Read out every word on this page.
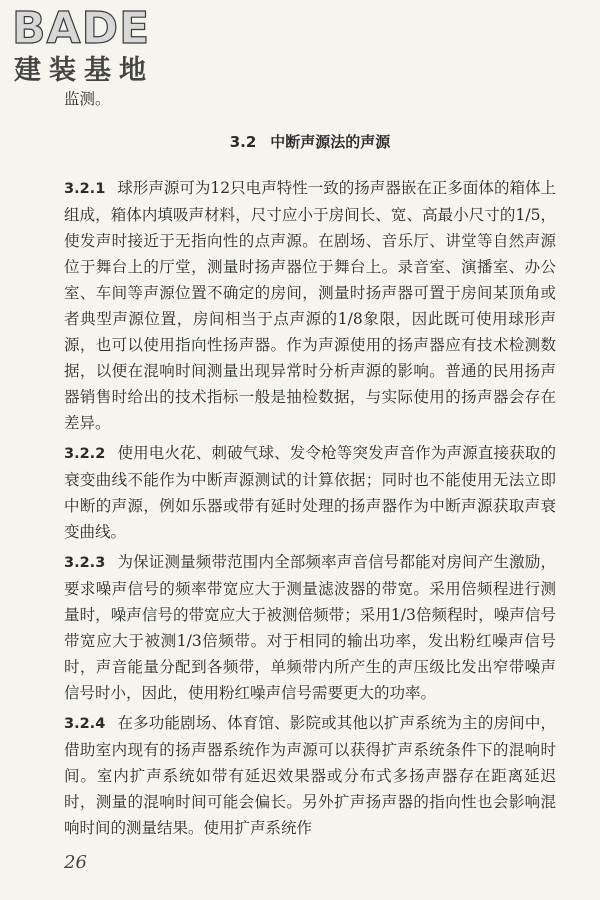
BADE
建装基地

监测。

3.2 中断声源法的声源

3.2.1 球形声源可为12只电声特性一致的扬声器嵌在正多面体的箱体上组成，箱体内填吸声材料，尺寸应小于房间长、宽、高最小尺寸的1/5，使发声时接近于无指向性的点声源。在剧场、音乐厅、讲堂等自然声源位于舞台上的厅堂，测量时扬声器位于舞台上。录音室、演播室、办公室、车间等声源位置不确定的房间，测量时扬声器可置于房间某顶角或者典型声源位置，房间相当于点声源的1/8象限，因此既可使用球形声源，也可以使用指向性扬声器。作为声源使用的扬声器应有技术检测数据，以便在混响时间测量出现异常时分析声源的影响。普通的民用扬声器销售时给出的技术指标一般是抽检数据，与实际使用的扬声器会存在差异。

3.2.2 使用电火花、刺破气球、发令枪等突发声音作为声源直接获取的衰变曲线不能作为中断声源测试的计算依据；同时也不能使用无法立即中断的声源，例如乐器或带有延时处理的扬声器作为中断声源获取声衰变曲线。

3.2.3 为保证测量频带范围内全部频率声音信号都能对房间产生激励，要求噪声信号的频率带宽应大于测量滤波器的带宽。采用倍频程进行测量时，噪声信号的带宽应大于被测倍频带；采用1/3倍频程时，噪声信号带宽应大于被测1/3倍频带。对于相同的输出功率，发出粉红噪声信号时，声音能量分配到各频带，单频带内所产生的声压级比发出窄带噪声信号时小，因此，使用粉红噪声信号需要更大的功率。

3.2.4 在多功能剧场、体育馆、影院或其他以扩声系统为主的房间中，借助室内现有的扬声器系统作为声源可以获得扩声系统条件下的混响时间。室内扩声系统如带有延迟效果器或分布式多扬声器存在距离延迟时，测量的混响时间可能会偏长。另外扩声扬声器的指向性也会影响混响时间的测量结果。使用扩声系统作

26
